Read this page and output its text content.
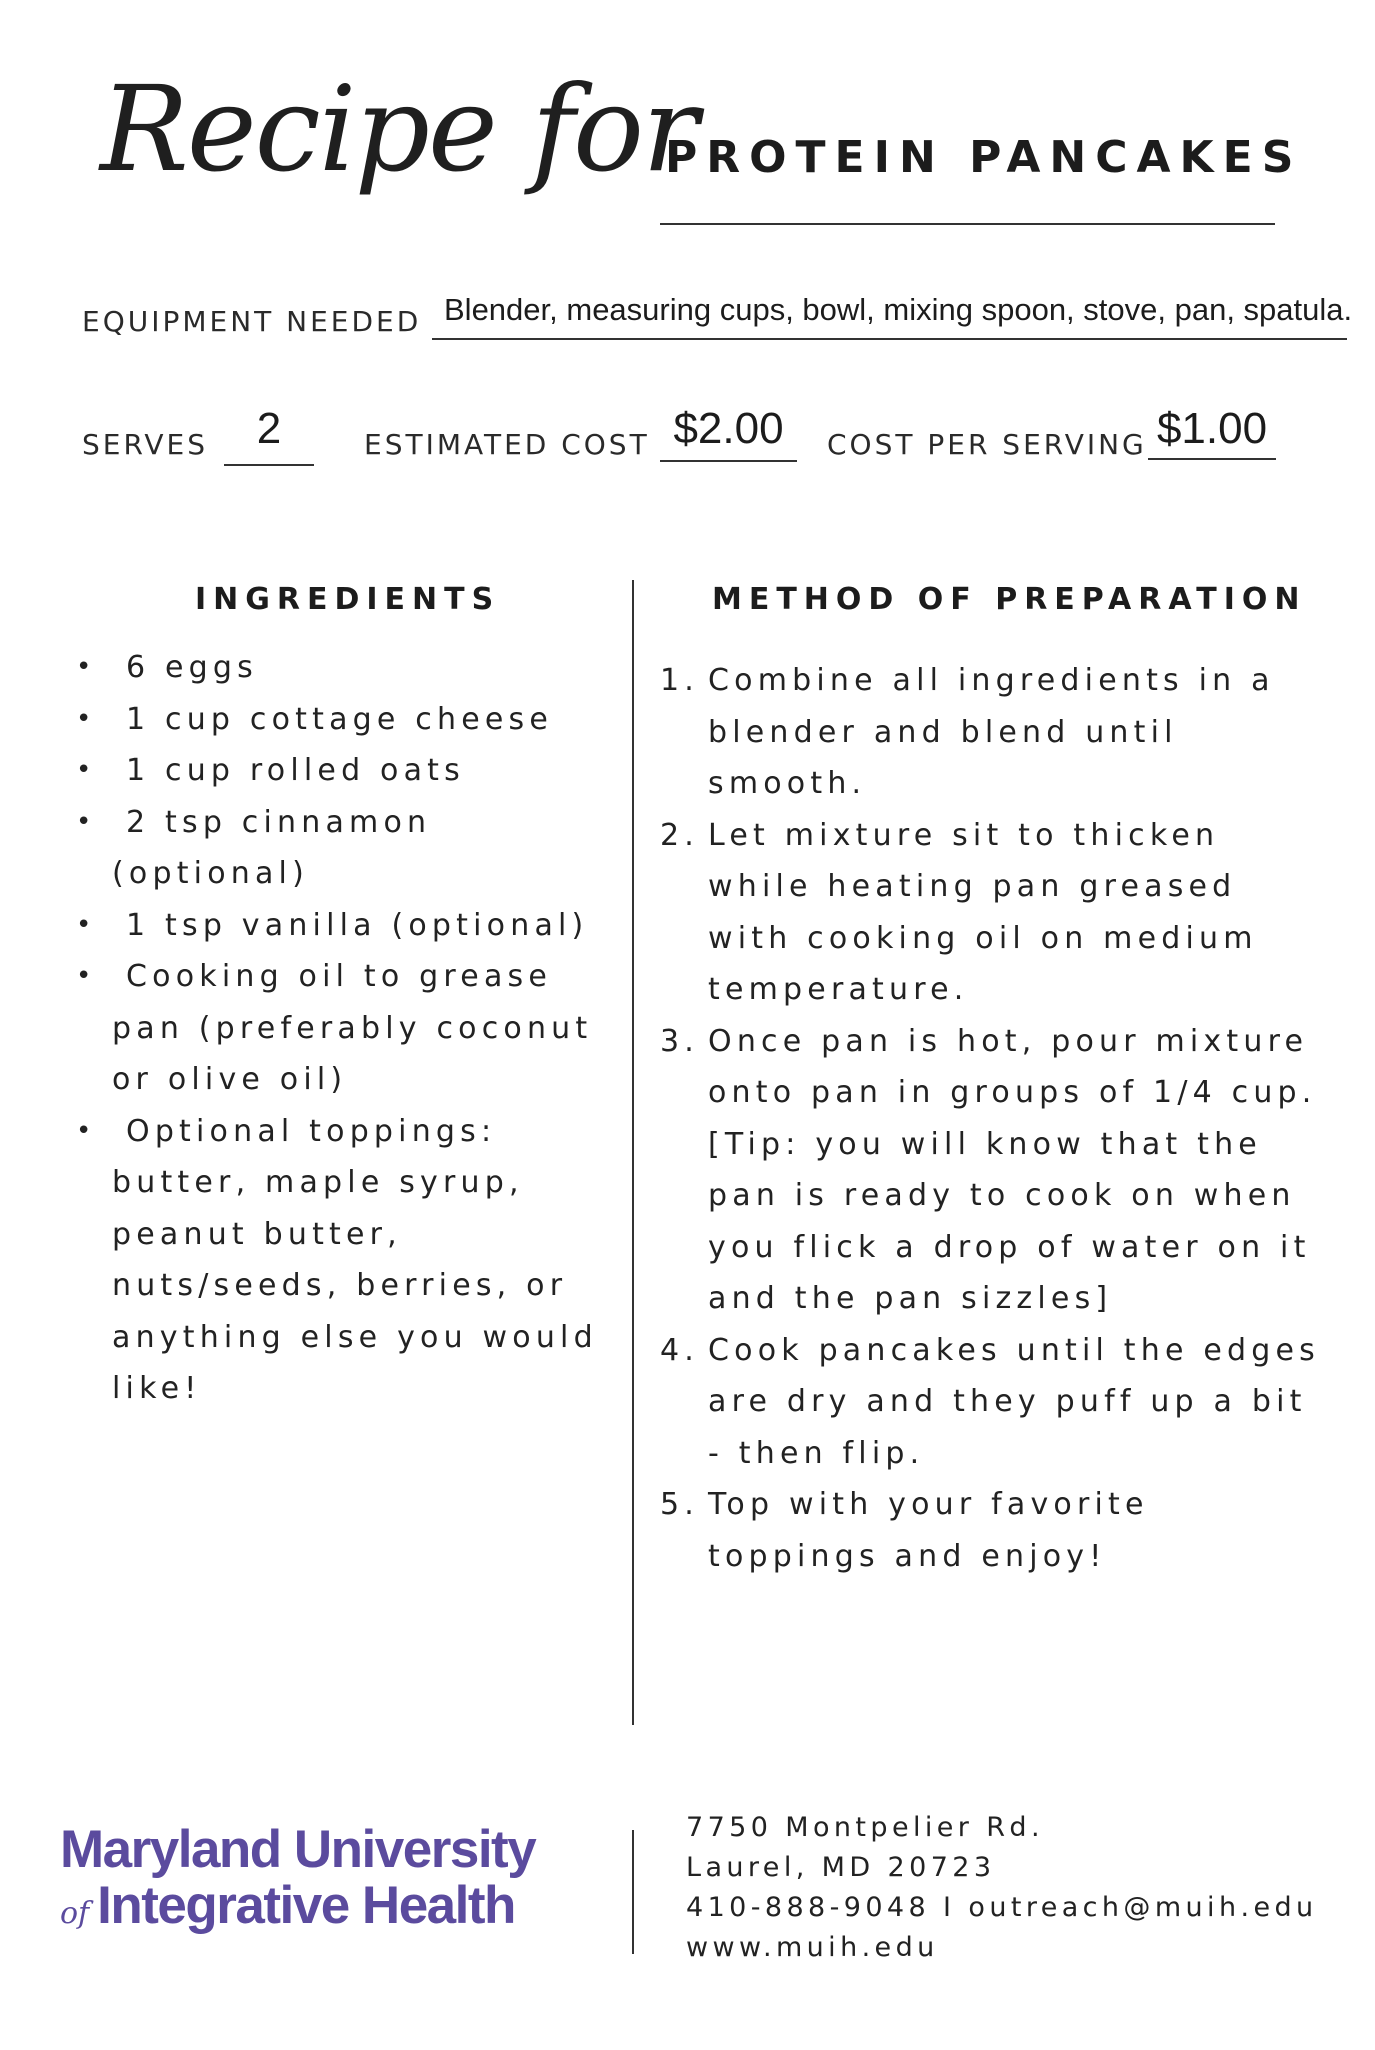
Recipe for
PROTEIN PANCAKES
EQUIPMENT NEEDED Blender, measuring cups, bowl, mixing spoon, stove, pan, spatula.
SERVES	2	ESTIMATED COST $2.00	COST PER SERVING $1.00
INGREDIENTS	METHOD OF PREPARATION
•	6 eggs
•	1 cup cottage cheese
•	1 cup rolled oats
•	2 tsp cinnamon (optional)
•	1 tsp vanilla (optional)
•	Cooking oil to grease pan (preferably coconut or olive oil)
•	Optional toppings: butter, maple syrup, peanut butter, nuts/seeds, berries, or anything else you would like!
1. Combine all ingredients in a blender and blend until smooth.
2. Let mixture sit to thicken while heating pan greased with cooking oil on medium temperature.
3. Once pan is hot, pour mixture onto pan in groups of 1/4 cup. [Tip: you will know that the pan is ready to cook on when you flick a drop of water on it and the pan sizzles]
4. Cook pancakes until the edges are dry and they puff up a bit - then flip.
5. Top with your favorite toppings and enjoy!
Maryland University
of Integrative Health
7750 Montpelier Rd.
Laurel, MD 20723
410-888-9048 I outreach@muih.edu
www.muih.edu
